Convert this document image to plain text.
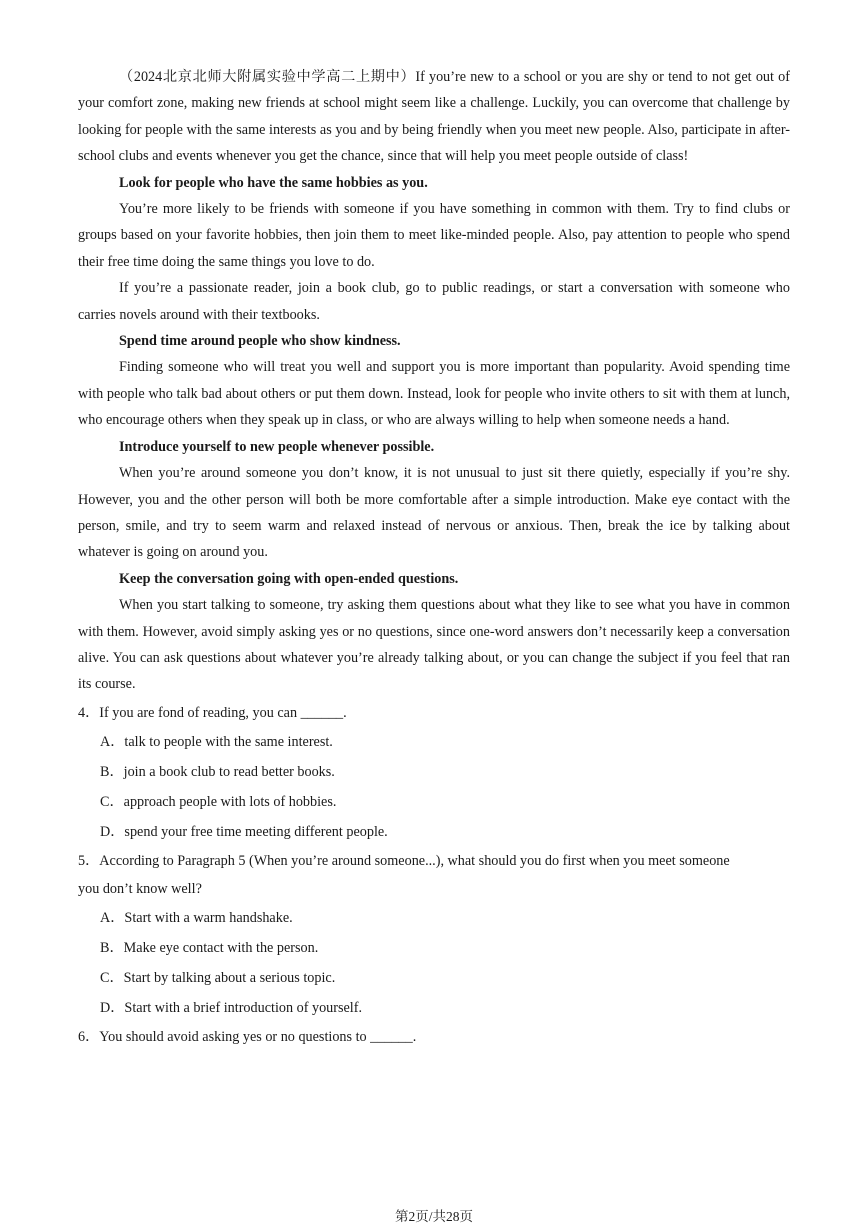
（2024北京北师大附属实验中学高二上期中）If you’re new to a school or you are shy or tend to not get out of your comfort zone, making new friends at school might seem like a challenge. Luckily, you can overcome that challenge by looking for people with the same interests as you and by being friendly when you meet new people. Also, participate in after-school clubs and events whenever you get the chance, since that will help you meet people outside of class!

Look for people who have the same hobbies as you.

You’re more likely to be friends with someone if you have something in common with them. Try to find clubs or groups based on your favorite hobbies, then join them to meet like-minded people. Also, pay attention to people who spend their free time doing the same things you love to do.

If you’re a passionate reader, join a book club, go to public readings, or start a conversation with someone who carries novels around with their textbooks.

Spend time around people who show kindness.

Finding someone who will treat you well and support you is more important than popularity. Avoid spending time with people who talk bad about others or put them down. Instead, look for people who invite others to sit with them at lunch, who encourage others when they speak up in class, or who are always willing to help when someone needs a hand.

Introduce yourself to new people whenever possible.

When you’re around someone you don’t know, it is not unusual to just sit there quietly, especially if you’re shy. However, you and the other person will both be more comfortable after a simple introduction. Make eye contact with the person, smile, and try to seem warm and relaxed instead of nervous or anxious. Then, break the ice by talking about whatever is going on around you.

Keep the conversation going with open-ended questions.

When you start talking to someone, try asking them questions about what they like to see what you have in common with them. However, avoid simply asking yes or no questions, since one-word answers don’t necessarily keep a conversation alive. You can ask questions about whatever you’re already talking about, or you can change the subject if you feel that ran its course.

4．If you are fond of reading, you can ______.

A．talk to people with the same interest.

B．join a book club to read better books.

C．approach people with lots of hobbies.

D．spend your free time meeting different people.

5．According to Paragraph 5 (When you’re around someone...), what should you do first when you meet someone

you don’t know well?

A．Start with a warm handshake.

B．Make eye contact with the person.

C．Start by talking about a serious topic.

D．Start with a brief introduction of yourself.

6．You should avoid asking yes or no questions to ______.

第2页/共28页
